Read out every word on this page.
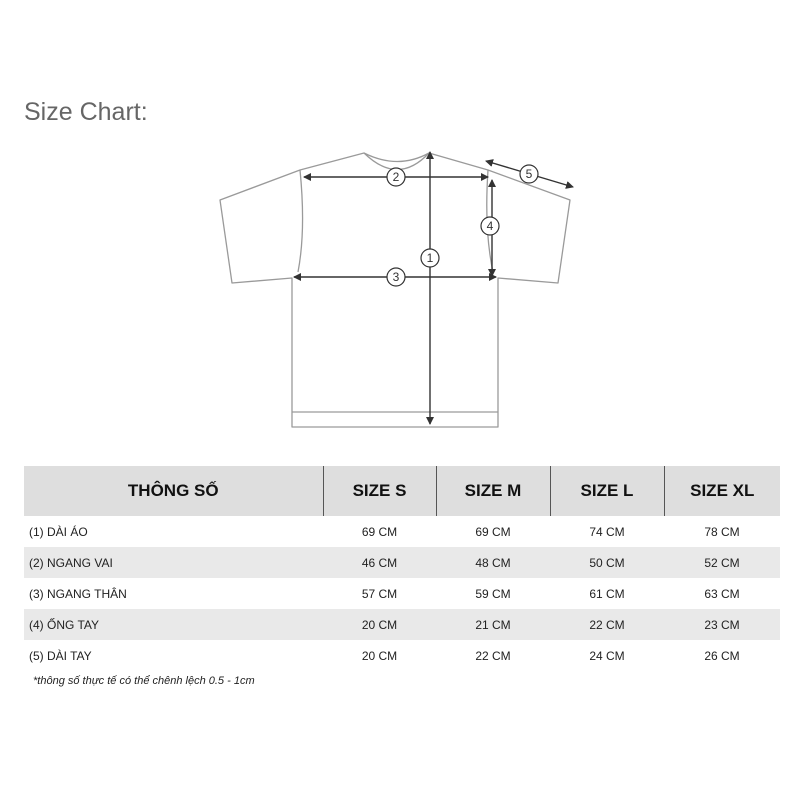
Size Chart:
1
2
3
4
5
THÔNG SỐ	SIZE S	SIZE M	SIZE L	SIZE XL
(1) DÀI ÁO	69 CM	69 CM	74 CM	78 CM
(2) NGANG VAI	46 CM	48 CM	50 CM	52 CM
(3) NGANG THÂN	57 CM	59 CM	61 CM	63 CM
(4) ỐNG TAY	20 CM	21 CM	22 CM	23 CM
(5) DÀI TAY	20 CM	22 CM	24 CM	26 CM
*thông số thực tế có thể chênh lệch 0.5 - 1cm
